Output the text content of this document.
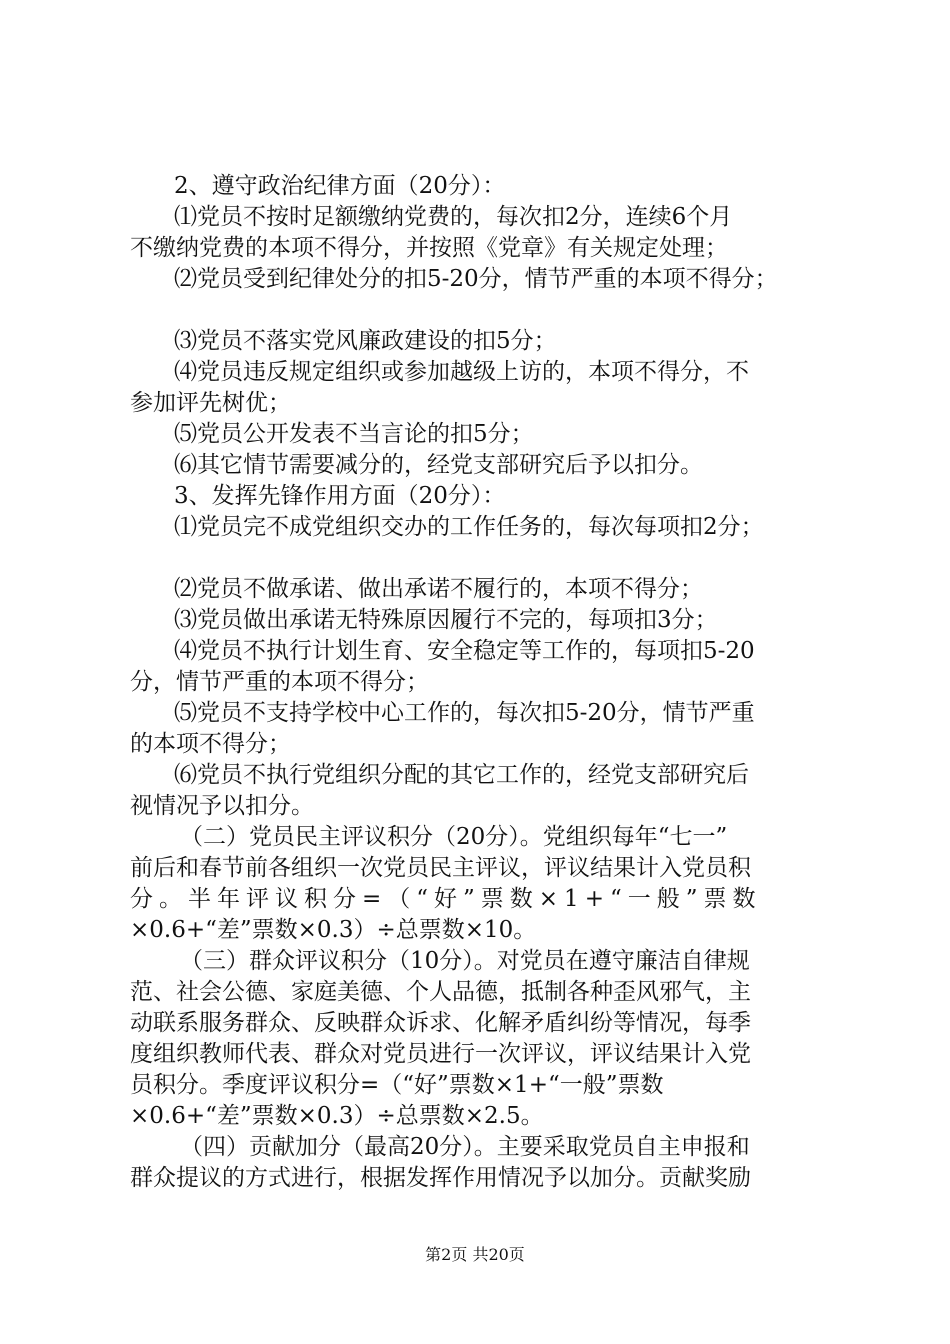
2、遵守政治纪律方面（20分）：
⑴党员不按时足额缴纳党费的，每次扣2分，连续6个月
不缴纳党费的本项不得分，并按照《党章》有关规定处理；
⑵党员受到纪律处分的扣5-20分，情节严重的本项不得分；
⑶党员不落实党风廉政建设的扣5分；
⑷党员违反规定组织或参加越级上访的，本项不得分，不
参加评先树优；
⑸党员公开发表不当言论的扣5分；
⑹其它情节需要减分的，经党支部研究后予以扣分。
3、发挥先锋作用方面（20分）：
⑴党员完不成党组织交办的工作任务的，每次每项扣2分；
⑵党员不做承诺、做出承诺不履行的，本项不得分；
⑶党员做出承诺无特殊原因履行不完的，每项扣3分；
⑷党员不执行计划生育、安全稳定等工作的，每项扣5-20
分，情节严重的本项不得分；
⑸党员不支持学校中心工作的，每次扣5-20分，情节严重
的本项不得分；
⑹党员不执行党组织分配的其它工作的，经党支部研究后
视情况予以扣分。
（二）党员民主评议积分（20分）。党组织每年“七一”
前后和春节前各组织一次党员民主评议，评议结果计入党员积
分。半年评议积分=（“好”票数×1+“一般”票数
×0.6+“差”票数×0.3）÷总票数×10。
（三）群众评议积分（10分）。对党员在遵守廉洁自律规
范、社会公德、家庭美德、个人品德，抵制各种歪风邪气，主
动联系服务群众、反映群众诉求、化解矛盾纠纷等情况，每季
度组织教师代表、群众对党员进行一次评议，评议结果计入党
员积分。季度评议积分=（“好”票数×1+“一般”票数
×0.6+“差”票数×0.3）÷总票数×2.5。
（四）贡献加分（最高20分）。主要采取党员自主申报和
群众提议的方式进行，根据发挥作用情况予以加分。贡献奖励
第2页 共20页
